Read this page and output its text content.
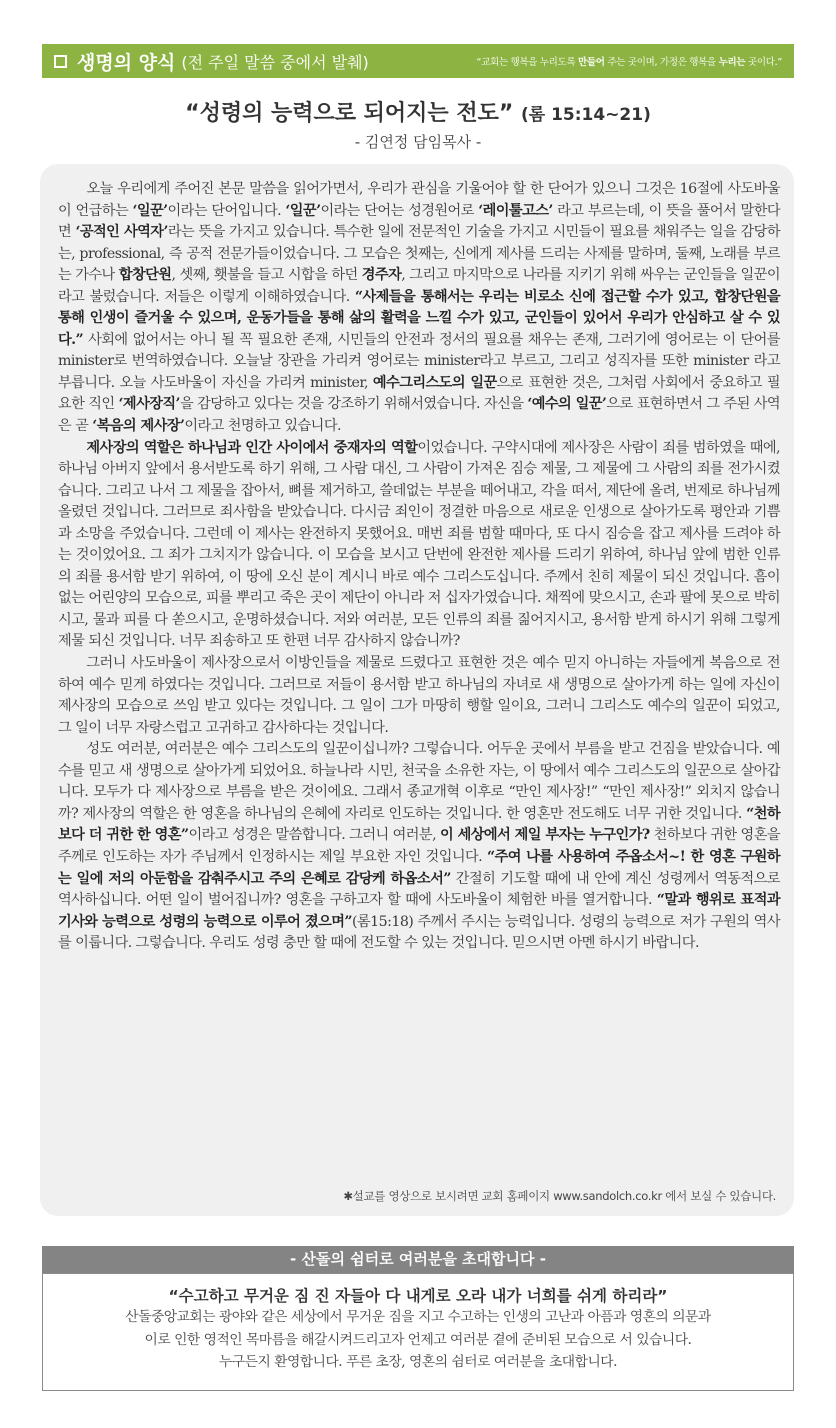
생명의 양식 (전 주일 말씀 중에서 발췌)	“교회는 행복을 누리도록 만들어 주는 곳이며, 가정은 행복을 누리는 곳이다.”
“성령의 능력으로 되어지는 전도” (롬 15:14~21)
- 김연정 담임목사 -

오늘 우리에게 주어진 본문 말씀을 읽어가면서, 우리가 관심을 기울어야 할 한 단어가 있으니 그것은 16절에 사도바울이 언급하는 ‘일꾼’이라는 단어입니다. ‘일꾼’이라는 단어는 성경원어로 ‘레이툴고스’ 라고 부르는데, 이 뜻을 풀어서 말한다면 ‘공적인 사역자’라는 뜻을 가지고 있습니다. 특수한 일에 전문적인 기술을 가지고 시민들이 필요를 채워주는 일을 감당하는, professional, 즉 공적 전문가들이었습니다. 그 모습은 첫째는, 신에게 제사를 드리는 사제를 말하며, 둘째, 노래를 부르는 가수나 합창단원, 셋째, 횃불을 들고 시합을 하던 경주자, 그리고 마지막으로 나라를 지키기 위해 싸우는 군인들을 일꾼이라고 불렀습니다. 저들은 이렇게 이해하였습니다. “사제들을 통해서는 우리는 비로소 신에 접근할 수가 있고, 합창단원을 통해 인생이 즐거울 수 있으며, 운동가들을 통해 삶의 활력을 느낄 수가 있고, 군인들이 있어서 우리가 안심하고 살 수 있다.” 사회에 없어서는 아니 될 꼭 필요한 존재, 시민들의 안전과 정서의 필요를 채우는 존재, 그러기에 영어로는 이 단어를 minister로 번역하였습니다. 오늘날 장관을 가리켜 영어로는 minister라고 부르고, 그리고 성직자를 또한 minister 라고 부릅니다. 오늘 사도바울이 자신을 가리켜 minister, 예수그리스도의 일꾼으로 표현한 것은, 그처럼 사회에서 중요하고 필요한 직인 ‘제사장직’을 감당하고 있다는 것을 강조하기 위해서였습니다. 자신을 ‘예수의 일꾼’으로 표현하면서 그 주된 사역은 곧 ‘복음의 제사장’이라고 천명하고 있습니다.

제사장의 역할은 하나님과 인간 사이에서 중재자의 역할이었습니다. 구약시대에 제사장은 사람이 죄를 범하였을 때에, 하나님 아버지 앞에서 용서받도록 하기 위해, 그 사람 대신, 그 사람이 가져온 짐승 제물, 그 제물에 그 사람의 죄를 전가시켰습니다. 그리고 나서 그 제물을 잡아서, 뼈를 제거하고, 쓸데없는 부분을 떼어내고, 각을 떠서, 제단에 올려, 번제로 하나님께 올렸던 것입니다. 그러므로 죄사함을 받았습니다. 다시금 죄인이 정결한 마음으로 새로운 인생으로 살아가도록 평안과 기쁨과 소망을 주었습니다. 그런데 이 제사는 완전하지 못했어요. 매번 죄를 범할 때마다, 또 다시 짐승을 잡고 제사를 드려야 하는 것이었어요. 그 죄가 그치지가 않습니다. 이 모습을 보시고 단번에 완전한 제사를 드리기 위하여, 하나님 앞에 범한 인류의 죄를 용서함 받기 위하여, 이 땅에 오신 분이 계시니 바로 예수 그리스도십니다. 주께서 친히 제물이 되신 것입니다. 흠이 없는 어린양의 모습으로, 피를 뿌리고 죽은 곳이 제단이 아니라 저 십자가였습니다. 채찍에 맞으시고, 손과 팔에 못으로 박히시고, 물과 피를 다 쏟으시고, 운명하셨습니다. 저와 여러분, 모든 인류의 죄를 짊어지시고, 용서함 받게 하시기 위해 그렇게 제물 되신 것입니다. 너무 죄송하고 또 한편 너무 감사하지 않습니까?

그러니 사도바울이 제사장으로서 이방인들을 제물로 드렸다고 표현한 것은 예수 믿지 아니하는 자들에게 복음으로 전하여 예수 믿게 하였다는 것입니다. 그러므로 저들이 용서함 받고 하나님의 자녀로 새 생명으로 살아가게 하는 일에 자신이 제사장의 모습으로 쓰임 받고 있다는 것입니다. 그 일이 그가 마땅히 행할 일이요, 그러니 그리스도 예수의 일꾼이 되었고, 그 일이 너무 자랑스럽고 고귀하고 감사하다는 것입니다.

성도 여러분, 여러분은 예수 그리스도의 일꾼이십니까? 그렇습니다. 어두운 곳에서 부름을 받고 건짐을 받았습니다. 예수를 믿고 새 생명으로 살아가게 되었어요. 하늘나라 시민, 천국을 소유한 자는, 이 땅에서 예수 그리스도의 일꾼으로 살아갑니다. 모두가 다 제사장으로 부름을 받은 것이에요. 그래서 종교개혁 이후로 “만인 제사장!” “만인 제사장!” 외치지 않습니까? 제사장의 역할은 한 영혼을 하나님의 은혜에 자리로 인도하는 것입니다. 한 영혼만 전도해도 너무 귀한 것입니다. “천하보다 더 귀한 한 영혼”이라고 성경은 말씀합니다. 그러니 여러분, 이 세상에서 제일 부자는 누구인가? 천하보다 귀한 영혼을 주께로 인도하는 자가 주님께서 인정하시는 제일 부요한 자인 것입니다. “주여 나를 사용하여 주옵소서~! 한 영혼 구원하는 일에 저의 아둔함을 감춰주시고 주의 은혜로 감당케 하옵소서” 간절히 기도할 때에 내 안에 계신 성령께서 역동적으로 역사하십니다. 어떤 일이 벌어집니까? 영혼을 구하고자 할 때에 사도바울이 체험한 바를 열거합니다. “말과 행위로 표적과 기사와 능력으로 성령의 능력으로 이루어 졌으며”(롬15:18) 주께서 주시는 능력입니다. 성령의 능력으로 저가 구원의 역사를 이룹니다. 그렇습니다. 우리도 성령 충만 할 때에 전도할 수 있는 것입니다. 믿으시면 아멘 하시기 바랍니다.

✱설교를 영상으로 보시려면 교회 홈페이지 www.sandolch.co.kr 에서 보실 수 있습니다.
- 산돌의 쉼터로 여러분을 초대합니다 -
“수고하고 무거운 짐 진 자들아 다 내게로 오라 내가 너희를 쉬게 하리라”
산돌중앙교회는 광야와 같은 세상에서 무거운 짐을 지고 수고하는 인생의 고난과 아픔과 영혼의 의문과
이로 인한 영적인 목마름을 해갈시켜드리고자 언제고 여러분 곁에 준비된 모습으로 서 있습니다.
누구든지 환영합니다. 푸른 초장, 영혼의 쉼터로 여러분을 초대합니다.
